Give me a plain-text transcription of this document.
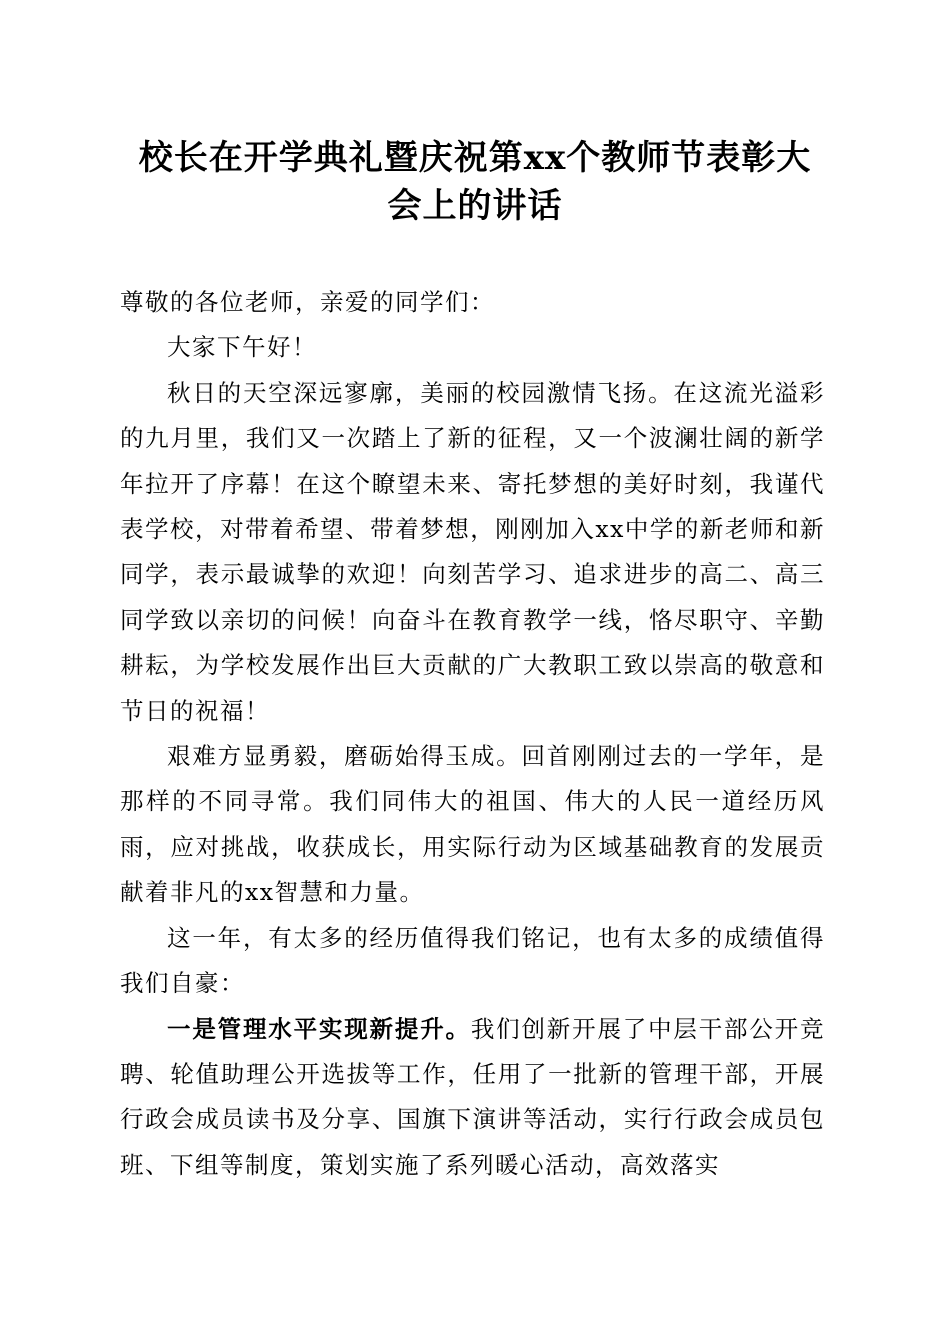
校长在开学典礼暨庆祝第xx个教师节表彰大
会上的讲话

尊敬的各位老师，亲爱的同学们：

大家下午好！

秋日的天空深远寥廓，美丽的校园激情飞扬。在这流光溢彩的九月里，我们又一次踏上了新的征程，又一个波澜壮阔的新学年拉开了序幕！在这个瞭望未来、寄托梦想的美好时刻，我谨代表学校，对带着希望、带着梦想，刚刚加入xx中学的新老师和新同学，表示最诚挚的欢迎！向刻苦学习、追求进步的高二、高三同学致以亲切的问候！向奋斗在教育教学一线，恪尽职守、辛勤耕耘，为学校发展作出巨大贡献的广大教职工致以崇高的敬意和节日的祝福！

艰难方显勇毅，磨砺始得玉成。回首刚刚过去的一学年，是那样的不同寻常。我们同伟大的祖国、伟大的人民一道经历风雨，应对挑战，收获成长，用实际行动为区域基础教育的发展贡献着非凡的xx智慧和力量。

这一年，有太多的经历值得我们铭记，也有太多的成绩值得我们自豪：

一是管理水平实现新提升。我们创新开展了中层干部公开竞聘、轮值助理公开选拔等工作，任用了一批新的管理干部，开展行政会成员读书及分享、国旗下演讲等活动，实行行政会成员包班、下组等制度，策划实施了系列暖心活动，高效落实
